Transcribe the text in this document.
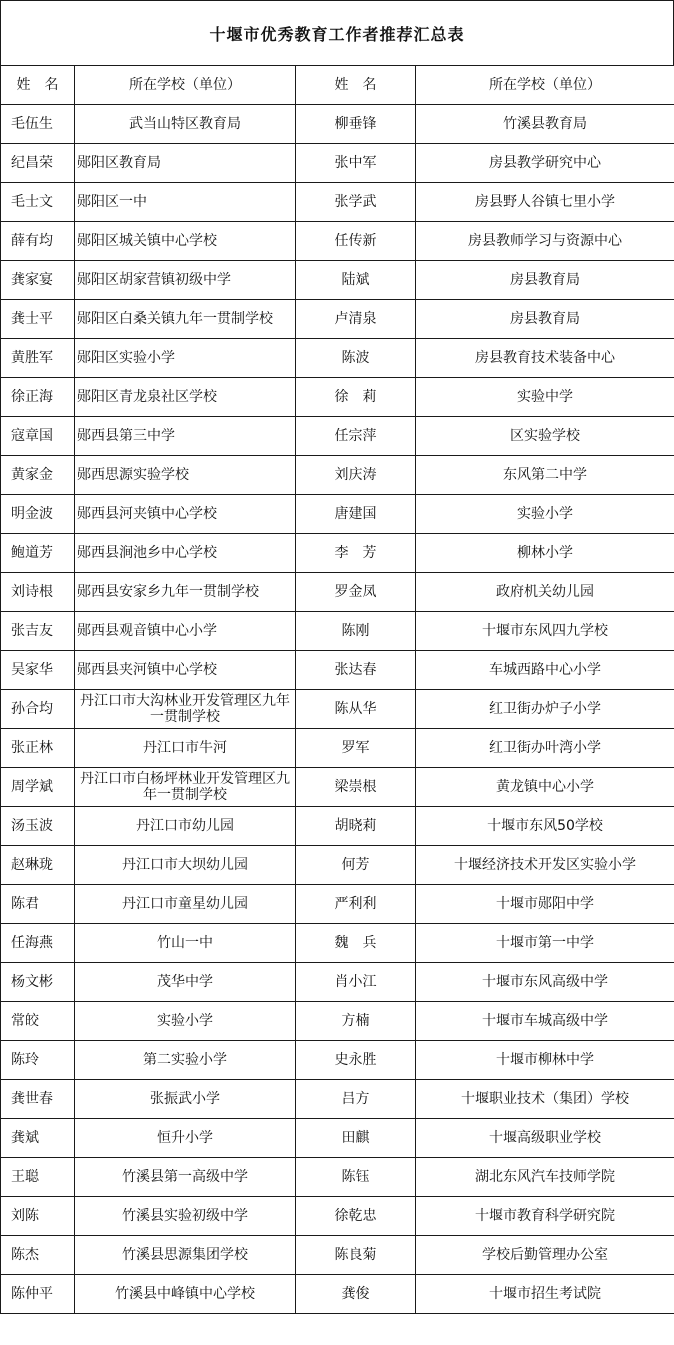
十堰市优秀教育工作者推荐汇总表
姓　名	所在学校（单位）	姓　名	所在学校（单位）
毛伍生	武当山特区教育局	柳垂锋	竹溪县教育局
纪昌荣	郧阳区教育局	张中军	房县教学研究中心
毛士文	郧阳区一中	张学武	房县野人谷镇七里小学
薛有均	郧阳区城关镇中心学校	任传新	房县教师学习与资源中心
龚家宴	郧阳区胡家营镇初级中学	陆斌	房县教育局
龚士平	郧阳区白桑关镇九年一贯制学校	卢清泉	房县教育局
黄胜军	郧阳区实验小学	陈波	房县教育技术装备中心
徐正海	郧阳区青龙泉社区学校	徐　莉	实验中学
寇章国	郧西县第三中学	任宗萍	区实验学校
黄家金	郧西思源实验学校	刘庆涛	东风第二中学
明金波	郧西县河夹镇中心学校	唐建国	实验小学
鲍道芳	郧西县涧池乡中心学校	李　芳	柳林小学
刘诗根	郧西县安家乡九年一贯制学校	罗金凤	政府机关幼儿园
张吉友	郧西县观音镇中心小学	陈刚	十堰市东风四九学校
吴家华	郧西县夹河镇中心学校	张达春	车城西路中心小学
孙合均	丹江口市大沟林业开发管理区九年一贯制学校	陈从华	红卫街办炉子小学
张正林	丹江口市牛河	罗军	红卫街办叶湾小学
周学斌	丹江口市白杨坪林业开发管理区九年一贯制学校	梁崇根	黄龙镇中心小学
汤玉波	丹江口市幼儿园	胡晓莉	十堰市东风50学校
赵琳珑	丹江口市大坝幼儿园	何芳	十堰经济技术开发区实验小学
陈君	丹江口市童星幼儿园	严利利	十堰市郧阳中学
任海燕	竹山一中	魏　兵	十堰市第一中学
杨文彬	茂华中学	肖小江	十堰市东风高级中学
常皎	实验小学	方楠	十堰市车城高级中学
陈玲	第二实验小学	史永胜	十堰市柳林中学
龚世春	张振武小学	吕方	十堰职业技术（集团）学校
龚斌	恒升小学	田麒	十堰高级职业学校
王聪	竹溪县第一高级中学	陈钰	湖北东风汽车技师学院
刘陈	竹溪县实验初级中学	徐乾忠	十堰市教育科学研究院
陈杰	竹溪县思源集团学校	陈良菊	学校后勤管理办公室
陈仲平	竹溪县中峰镇中心学校	龚俊	十堰市招生考试院
